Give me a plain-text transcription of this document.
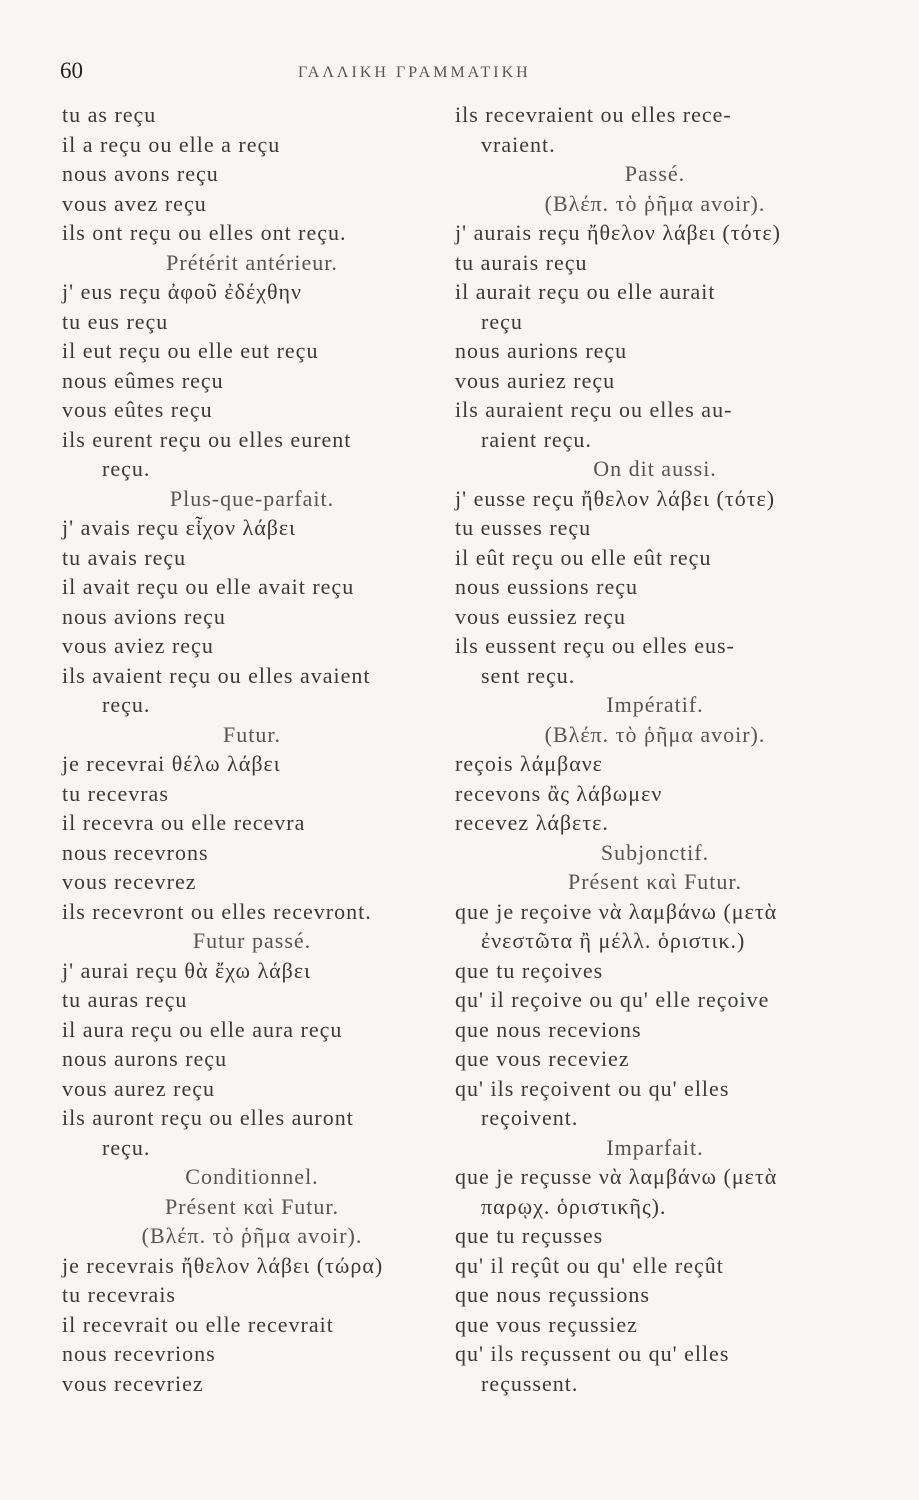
60	ΓΑΛΛΙΚΗ ΓΡΑΜΜΑΤΙΚΗ
tu as reçu
il a reçu ou elle a reçu
nous avons reçu
vous avez reçu
ils ont reçu ou elles ont reçu.
Prétérit antérieur.
j' eus reçu ἀφοῦ ἐδέχθην
tu eus reçu
il eut reçu ou elle eut reçu
nous eûmes reçu
vous eûtes reçu
ils eurent reçu ou elles eurent
reçu.
Plus-que-parfait.
j' avais reçu εἶχον λάβει
tu avais reçu
il avait reçu ou elle avait reçu
nous avions reçu
vous aviez reçu
ils avaient reçu ou elles avaient
reçu.
Futur.
je recevrai θέλω λάβει
tu recevras
il recevra ou elle recevra
nous recevrons
vous recevrez
ils recevront ou elles recevront.
Futur passé.
j' aurai reçu θὰ ἔχω λάβει
tu auras reçu
il aura reçu ou elle aura reçu
nous aurons reçu
vous aurez reçu
ils auront reçu ou elles auront
reçu.
Conditionnel.
Présent καὶ Futur.
(Βλέπ. τὸ ῥῆμα avoir).
je recevrais ἤθελον λάβει (τώρα)
tu recevrais
il recevrait ou elle recevrait
nous recevrions
vous recevriez
ils recevraient ou elles rece-
vraient.
Passé.
(Βλέπ. τὸ ῥῆμα avoir).
j' aurais reçu ἤθελον λάβει (τότε)
tu aurais reçu
il aurait reçu ou elle aurait
reçu
nous aurions reçu
vous auriez reçu
ils auraient reçu ou elles au-
raient reçu.
On dit aussi.
j' eusse reçu ἤθελον λάβει (τότε)
tu eusses reçu
il eût reçu ou elle eût reçu
nous eussions reçu
vous eussiez reçu
ils eussent reçu ou elles eus-
sent reçu.
Impératif.
(Βλέπ. τὸ ῥῆμα avoir).
reçois λάμβανε
recevons ἂς λάβωμεν
recevez λάβετε.
Subjonctif.
Présent καὶ Futur.
que je reçoive νὰ λαμβάνω (μετὰ
ἐνεστῶτα ἢ μέλλ. ὁριστικ.)
que tu reçoives
qu' il reçoive ou qu' elle reçoive
que nous recevions
que vous receviez
qu' ils reçoivent ou qu' elles
reçoivent.
Imparfait.
que je reçusse νὰ λαμβάνω (μετὰ
παρῳχ. ὁριστικῆς).
que tu reçusses
qu' il reçût ou qu' elle reçût
que nous reçussions
que vous reçussiez
qu' ils reçussent ou qu' elles
reçussent.
